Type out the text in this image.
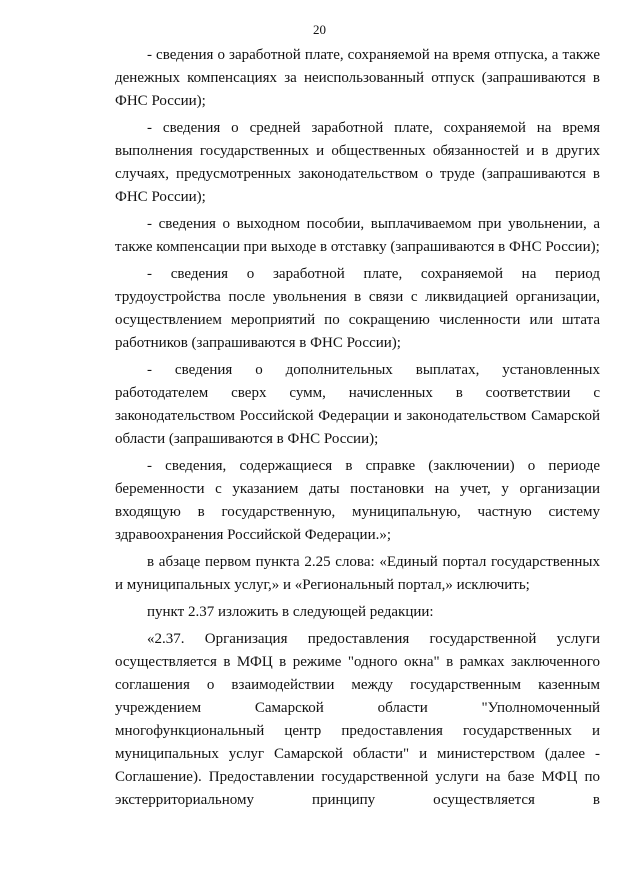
20

- сведения о заработной плате, сохраняемой на время отпуска, а также денежных компенсациях за неиспользованный отпуск (запрашиваются в ФНС России);

- сведения о средней заработной плате, сохраняемой на время выполнения государственных и общественных обязанностей и в других случаях, предусмотренных законодательством о труде (запрашиваются в ФНС России);

- сведения о выходном пособии, выплачиваемом при увольнении, а также компенсации при выходе в отставку (запрашиваются в ФНС России);

- сведения о заработной плате, сохраняемой на период трудоустройства после увольнения в связи с ликвидацией организации, осуществлением мероприятий по сокращению численности или штата работников (запрашиваются в ФНС России);

- сведения о дополнительных выплатах, установленных работодателем сверх сумм, начисленных в соответствии с законодательством Российской Федерации и законодательством Самарской области (запрашиваются в ФНС России);

- сведения, содержащиеся в справке (заключении) о периоде беременности с указанием даты постановки на учет, у организации входящую в государственную, муниципальную, частную систему здравоохранения Российской Федерации.»;

в абзаце первом пункта 2.25 слова: «Единый портал государственных и муниципальных услуг,» и «Региональный портал,» исключить;

пункт 2.37 изложить в следующей редакции:

«2.37. Организация предоставления государственной услуги осуществляется в МФЦ в режиме "одного окна" в рамках заключенного соглашения о взаимодействии между государственным казенным учреждением Самарской области "Уполномоченный многофункциональный центр предоставления государственных и муниципальных услуг Самарской области" и министерством (далее - Соглашение). Предоставлении государственной услуги на базе МФЦ по экстерриториальному принципу осуществляется в
